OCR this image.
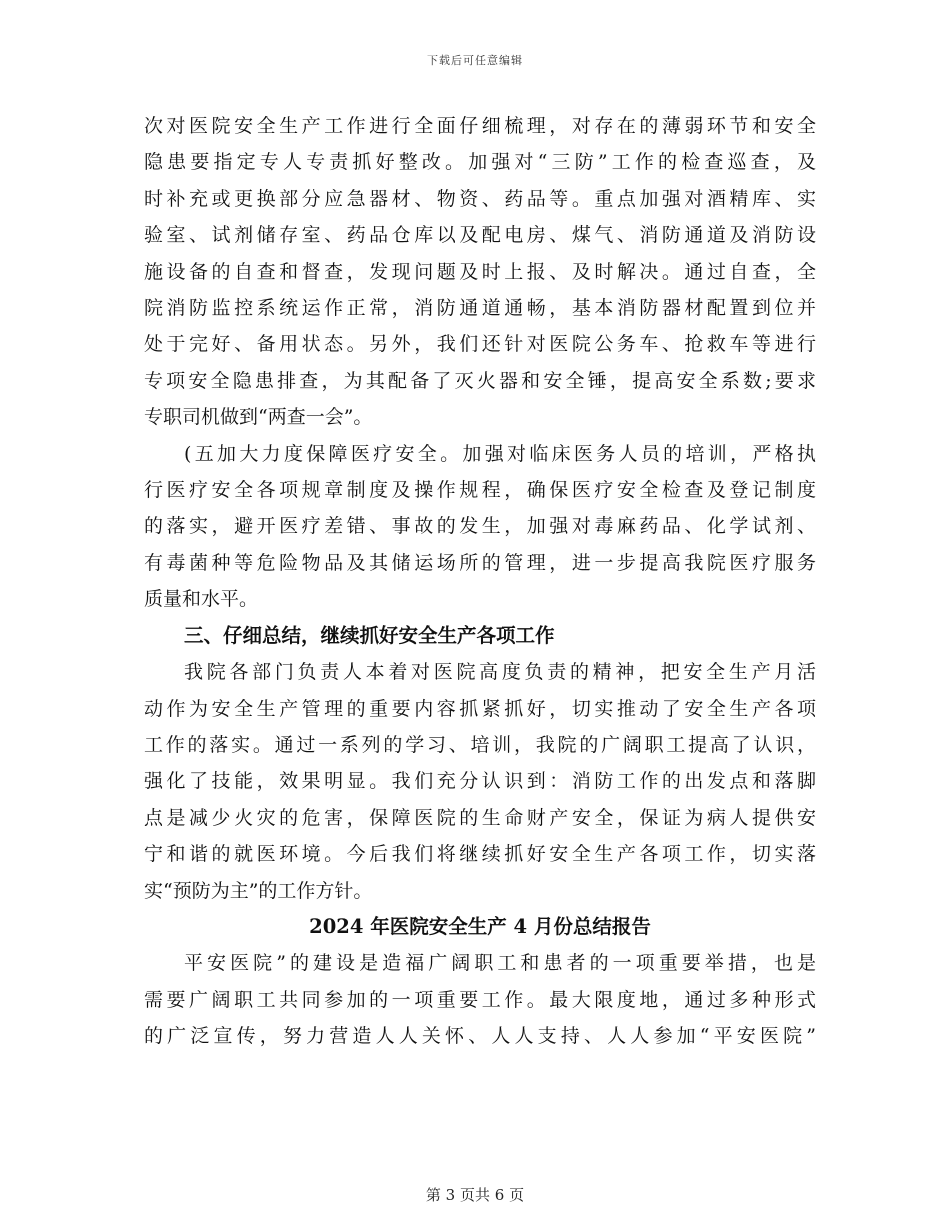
下载后可任意编辑
次对医院安全生产工作进行全面仔细梳理，对存在的薄弱环节和安全
隐患要指定专人专责抓好整改。加强对“三防”工作的检查巡查，及
时补充或更换部分应急器材、物资、药品等。重点加强对酒精库、实
验室、试剂储存室、药品仓库以及配电房、煤气、消防通道及消防设
施设备的自查和督查，发现问题及时上报、及时解决。通过自查，全
院消防监控系统运作正常，消防通道通畅，基本消防器材配置到位并
处于完好、备用状态。另外，我们还针对医院公务车、抢救车等进行
专项安全隐患排查，为其配备了灭火器和安全锤，提高安全系数;要求
专职司机做到“两查一会”。
(五加大力度保障医疗安全。加强对临床医务人员的培训，严格执
行医疗安全各项规章制度及操作规程，确保医疗安全检查及登记制度
的落实，避开医疗差错、事故的发生，加强对毒麻药品、化学试剂、
有毒菌种等危险物品及其储运场所的管理，进一步提高我院医疗服务
质量和水平。
三、仔细总结，继续抓好安全生产各项工作
我院各部门负责人本着对医院高度负责的精神，把安全生产月活
动作为安全生产管理的重要内容抓紧抓好，切实推动了安全生产各项
工作的落实。通过一系列的学习、培训，我院的广阔职工提高了认识，
强化了技能，效果明显。我们充分认识到：消防工作的出发点和落脚
点是减少火灾的危害，保障医院的生命财产安全，保证为病人提供安
宁和谐的就医环境。今后我们将继续抓好安全生产各项工作，切实落
实“预防为主”的工作方针。
2024 年医院安全生产 4 月份总结报告
平安医院”的建设是造福广阔职工和患者的一项重要举措，也是
需要广阔职工共同参加的一项重要工作。最大限度地，通过多种形式
的广泛宣传，努力营造人人关怀、人人支持、人人参加“平安医院”
第 3 页共 6 页
